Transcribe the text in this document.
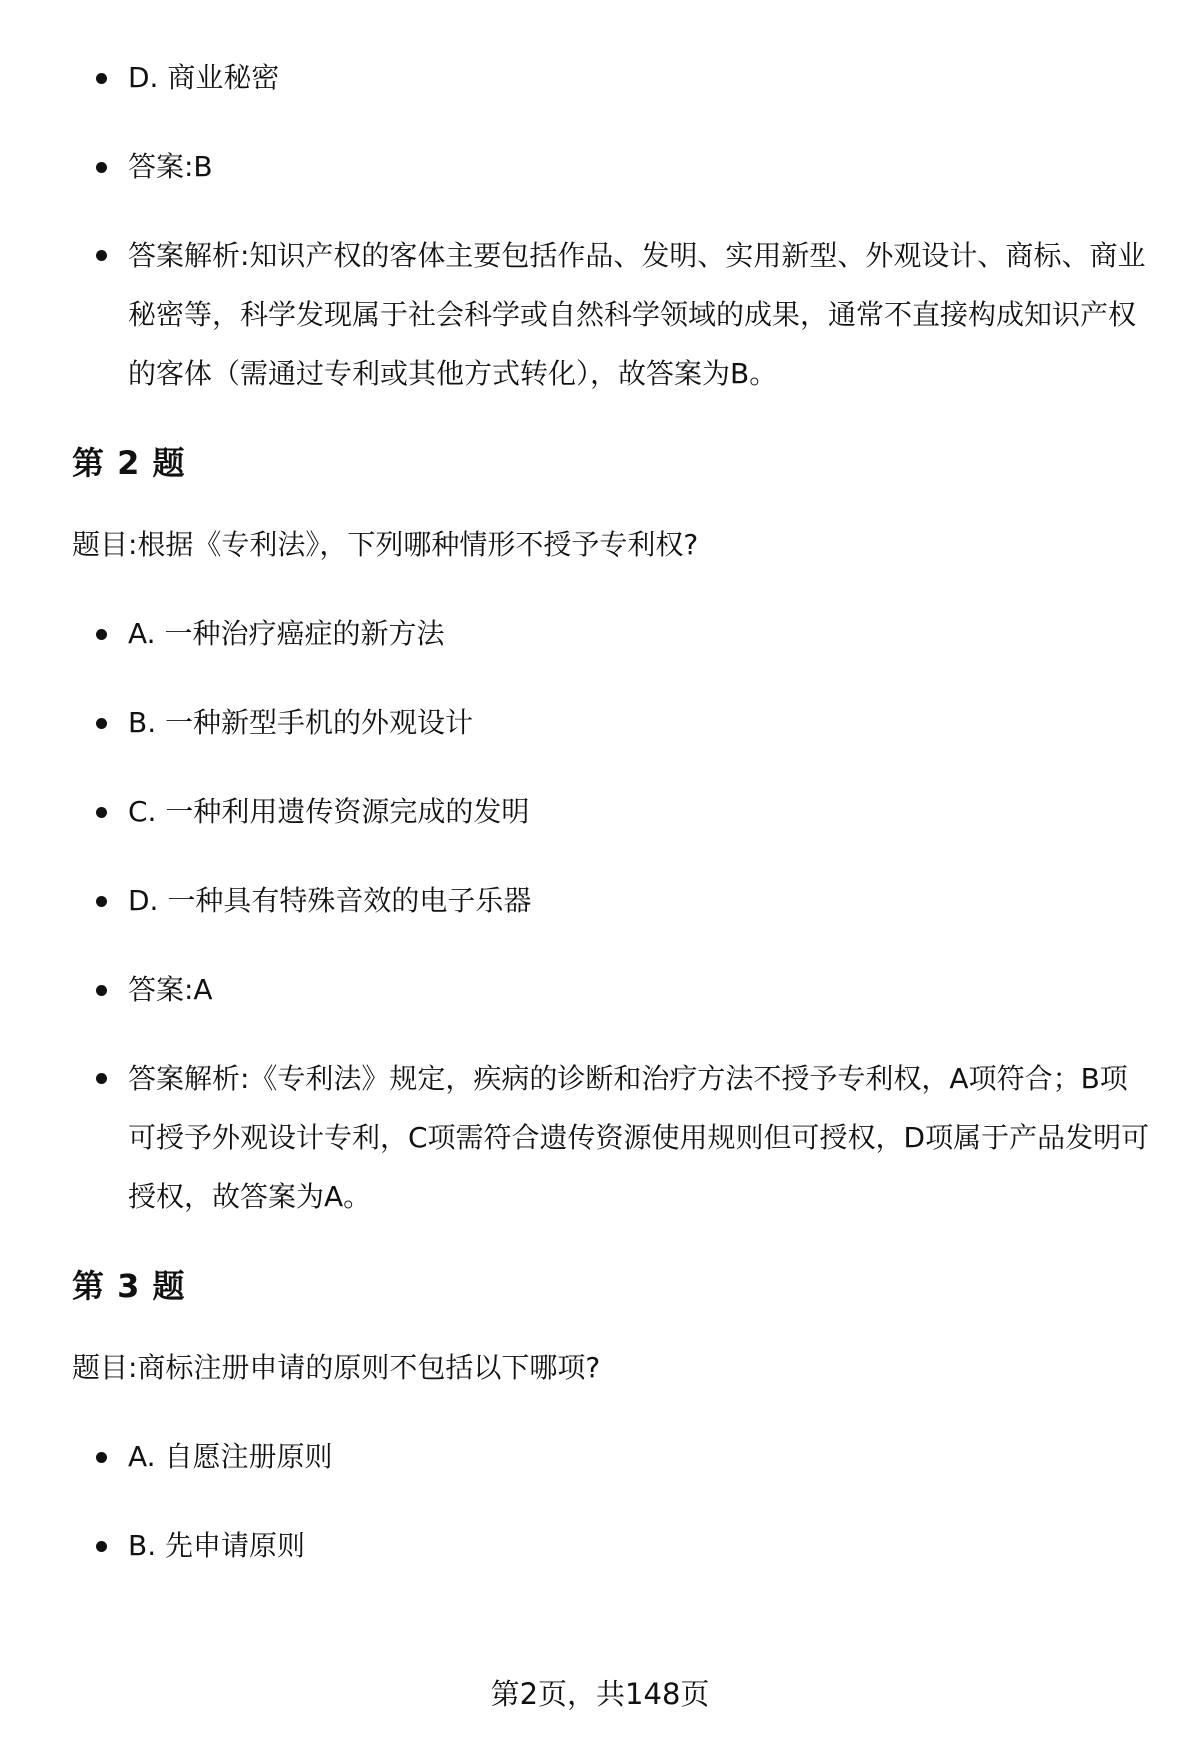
D. 商业秘密
答案:B
答案解析:知识产权的客体主要包括作品、发明、实用新型、外观设计、商标、商业秘密等，科学发现属于社会科学或自然科学领域的成果，通常不直接构成知识产权的客体（需通过专利或其他方式转化），故答案为B。
第 2 题

题目:根据《专利法》，下列哪种情形不授予专利权?

A. 一种治疗癌症的新方法
B. 一种新型手机的外观设计
C. 一种利用遗传资源完成的发明
D. 一种具有特殊音效的电子乐器
答案:A
答案解析:《专利法》规定，疾病的诊断和治疗方法不授予专利权，A项符合；B项可授予外观设计专利，C项需符合遗传资源使用规则但可授权，D项属于产品发明可授权，故答案为A。
第 3 题

题目:商标注册申请的原则不包括以下哪项?

A. 自愿注册原则
B. 先申请原则
第2页，共148页
